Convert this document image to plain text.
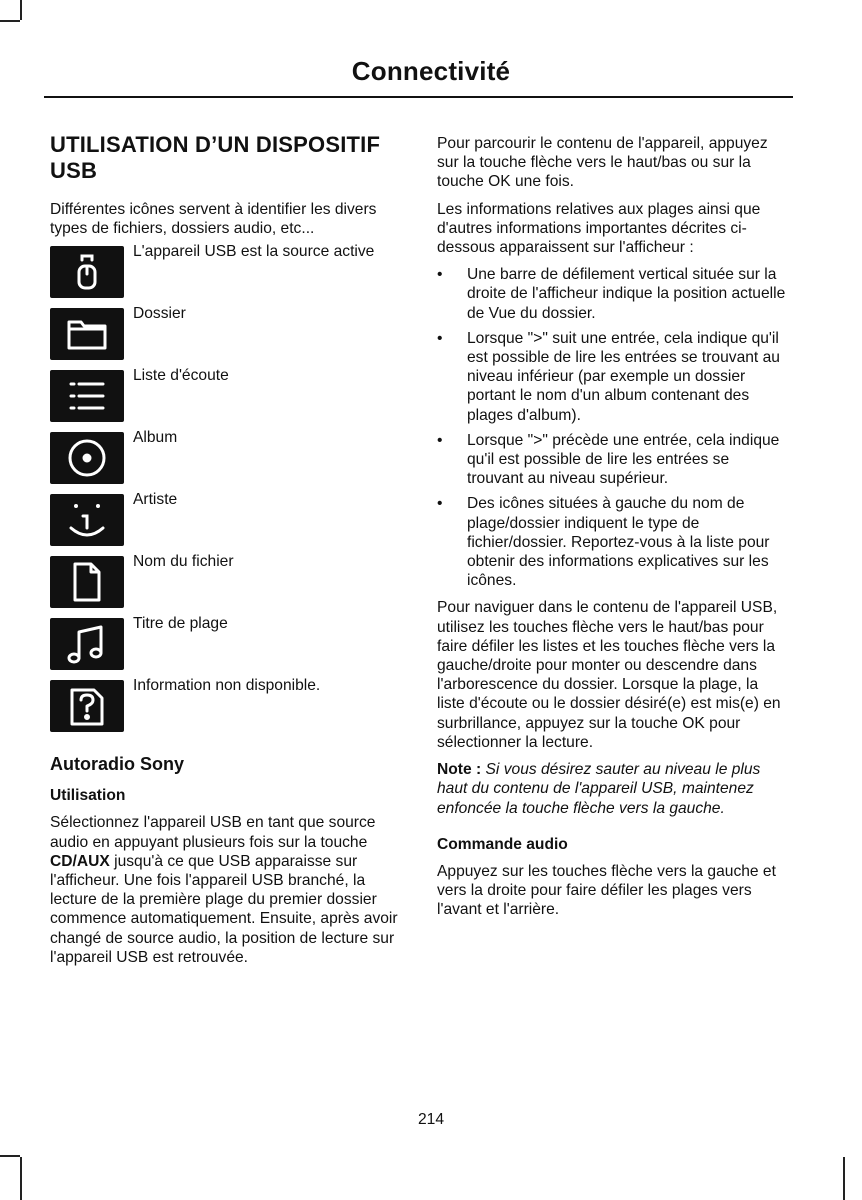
Connectivité
UTILISATION D’UN DISPOSITIF USB

Différentes icônes servent à identifier les divers types de fichiers, dossiers audio, etc...

L'appareil USB est la source active
Dossier
Liste d'écoute
Album
Artiste
Nom du fichier
Titre de plage
Information non disponible.
Autoradio Sony
Utilisation

Sélectionnez l'appareil USB en tant que source audio en appuyant plusieurs fois sur la touche CD/AUX jusqu'à ce que USB apparaisse sur l'afficheur. Une fois l'appareil USB branché, la lecture de la première plage du premier dossier commence automatiquement. Ensuite, après avoir changé de source audio, la position de lecture sur l'appareil USB est retrouvée.

Pour parcourir le contenu de l'appareil, appuyez sur la touche flèche vers le haut/bas ou sur la touche OK une fois.

Les informations relatives aux plages ainsi que d'autres informations importantes décrites ci-dessous apparaissent sur l'afficheur :

• Une barre de défilement vertical située sur la droite de l'afficheur indique la position actuelle de Vue du dossier.
• Lorsque ">" suit une entrée, cela indique qu'il est possible de lire les entrées se trouvant au niveau inférieur (par exemple un dossier portant le nom d'un album contenant des plages d'album).
• Lorsque ">" précède une entrée, cela indique qu'il est possible de lire les entrées se trouvant au niveau supérieur.
• Des icônes situées à gauche du nom de plage/dossier indiquent le type de fichier/dossier. Reportez-vous à la liste pour obtenir des informations explicatives sur les icônes.

Pour naviguer dans le contenu de l'appareil USB, utilisez les touches flèche vers le haut/bas pour faire défiler les listes et les touches flèche vers la gauche/droite pour monter ou descendre dans l'arborescence du dossier. Lorsque la plage, la liste d'écoute ou le dossier désiré(e) est mis(e) en surbrillance, appuyez sur la touche OK pour sélectionner la lecture.

Note : Si vous désirez sauter au niveau le plus haut du contenu de l'appareil USB, maintenez enfoncée la touche flèche vers la gauche.

Commande audio

Appuyez sur les touches flèche vers la gauche et vers la droite pour faire défiler les plages vers l'avant et l'arrière.

214
